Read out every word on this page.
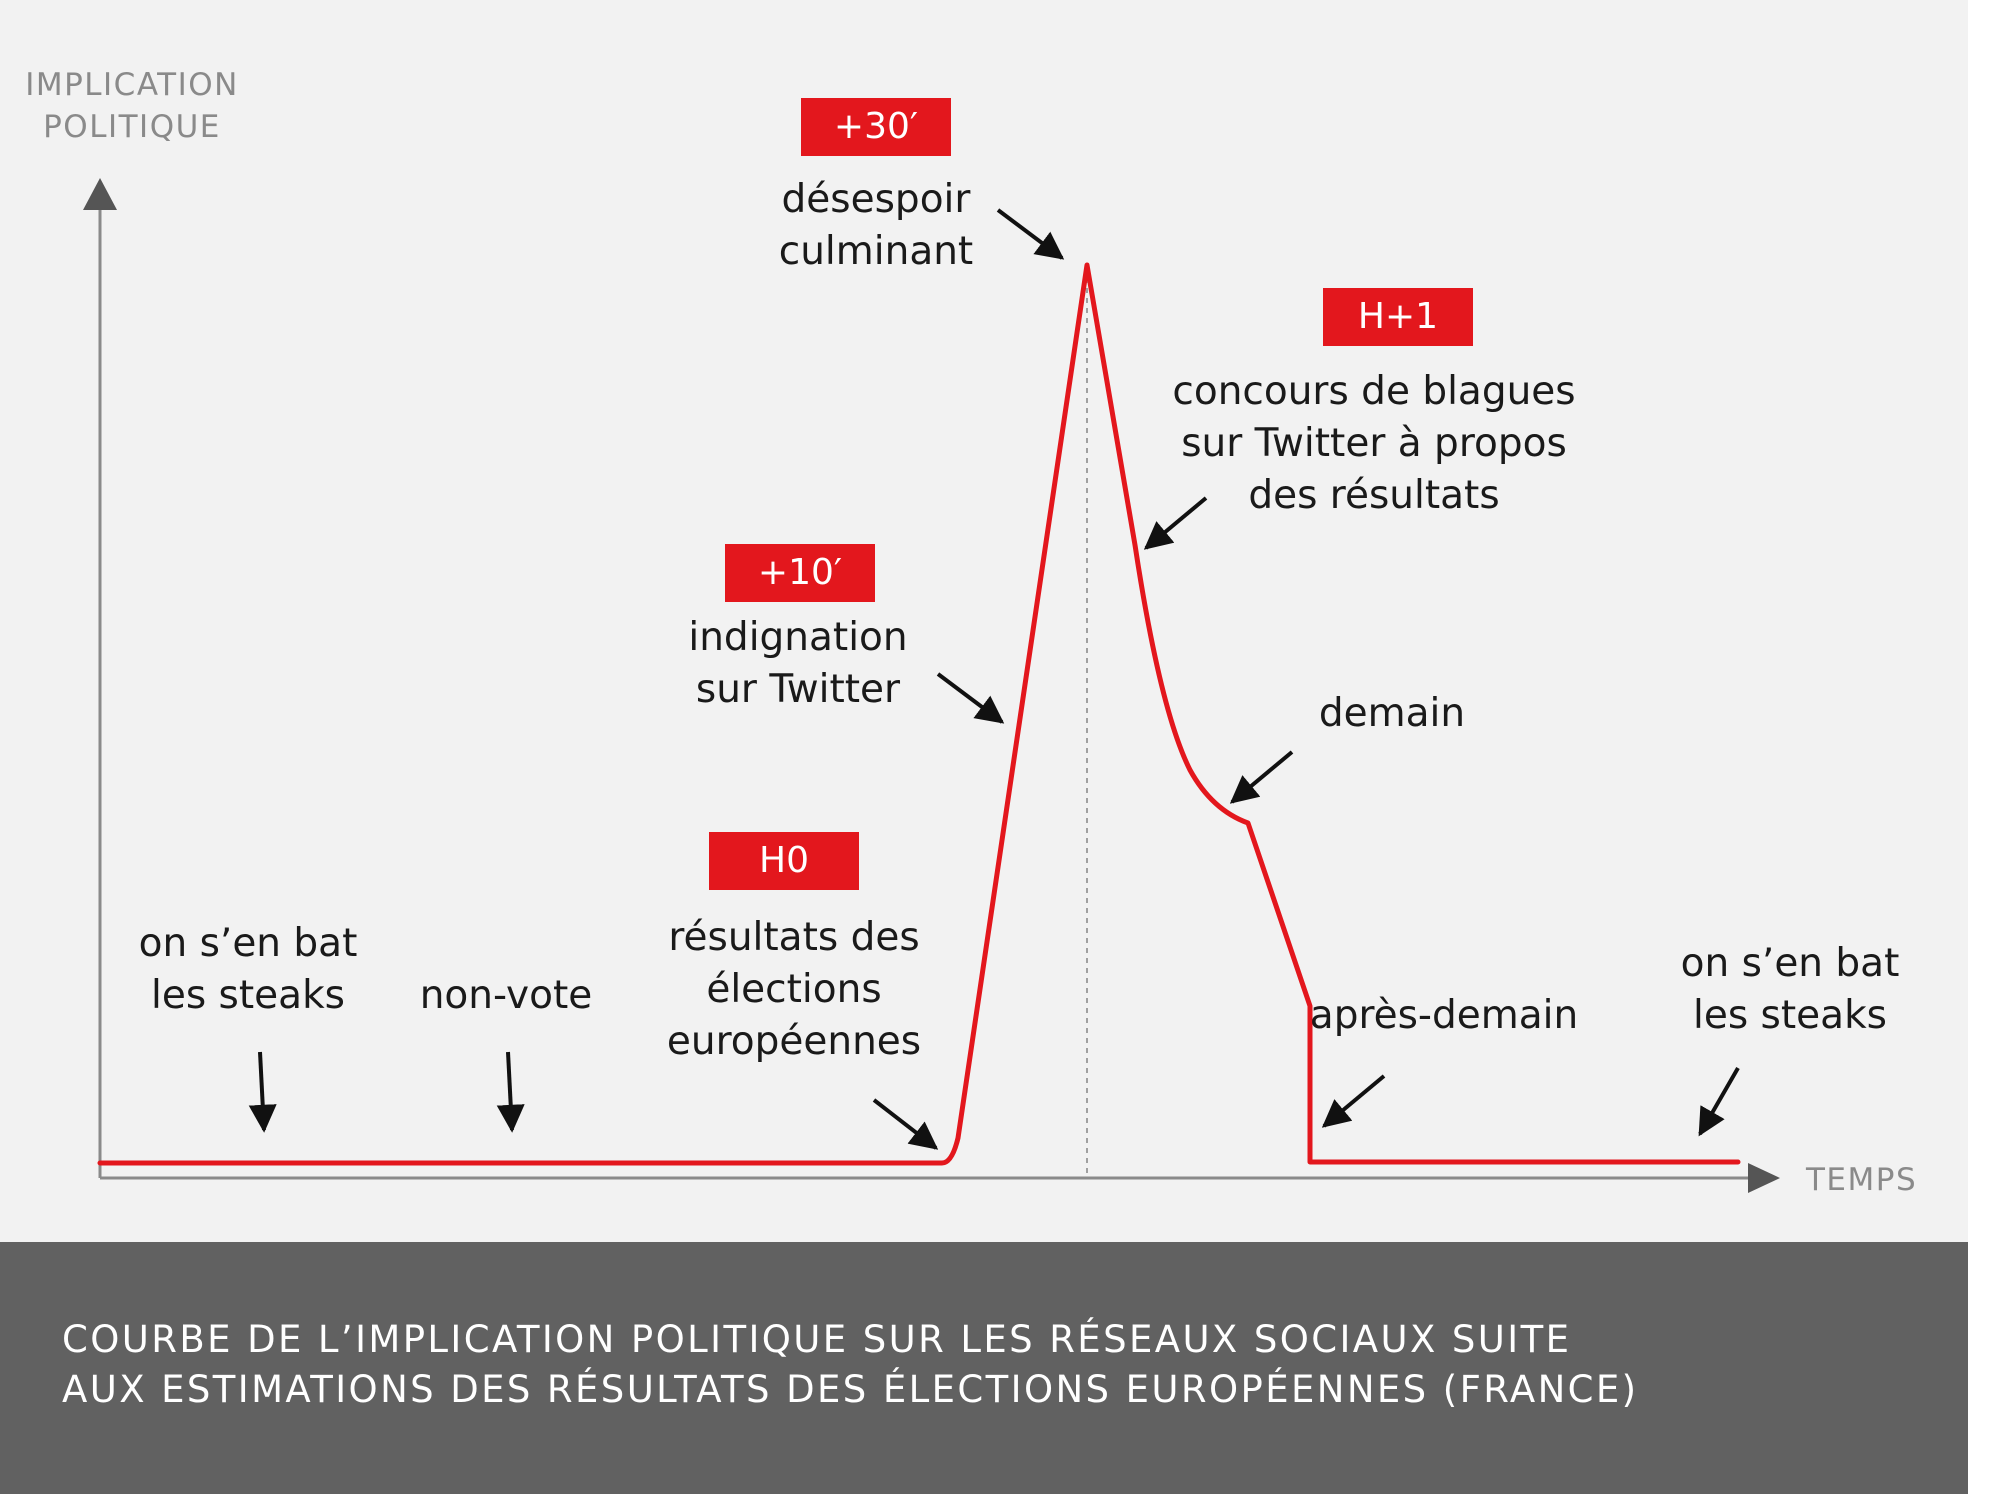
IMPLICATION
POLITIQUE
TEMPS
on s’en bat
les steaks	non-vote
H0
résultats des
élections
européennes
+10′
indignation
sur Twitter
+30′
désespoir
culminant
H+1
concours de blagues
sur Twitter à propos
des résultats
demain
après-demain
on s’en bat
les steaks
COURBE DE L’IMPLICATION POLITIQUE SUR LES RÉSEAUX SOCIAUX SUITE
AUX ESTIMATIONS DES RÉSULTATS DES ÉLECTIONS EUROPÉENNES (FRANCE)
